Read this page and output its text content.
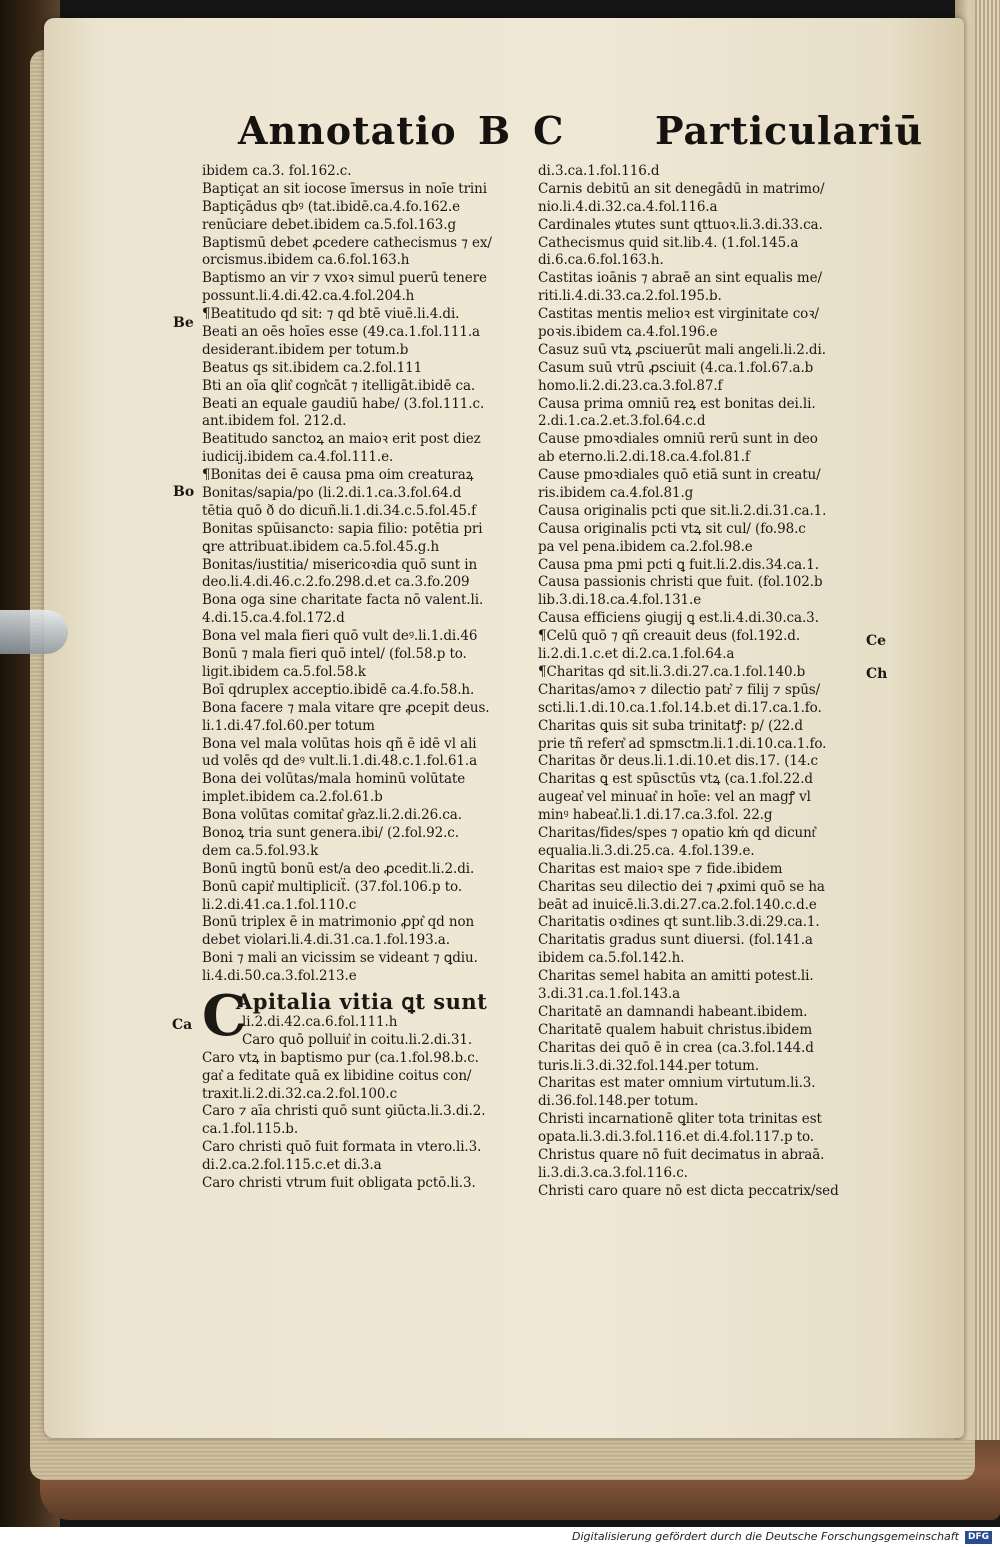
Annotatio B C Particulariū
Be
Bo
Ca
Ce
Ch
ibidem ca.3. fol.162.c.
Baptiçat an sit iocose īmersus in noīe trini
Baptiçādus qbꝰ (tat.ibidē.ca.4.fo.162.e
renūciare debet.ibidem ca.5.fol.163.g
Baptismū debet ꝓcedere cathecismus ⁊ ex/
orcismus.ibidem ca.6.fol.163.h
Baptismo an vir ⁊ vxoꝛ simul puerū tenere
possunt.li.4.di.42.ca.4.fol.204.h
¶Beatitudo qd sit: ⁊ qd btē viuē.li.4.di.
Beati an oēs hoīes esse (49.ca.1.fol.111.a
desiderant.ibidem per totum.b
Beatus qs sit.ibidem ca.2.fol.111
Bti an oīa ꝗlit͛ cogn͛cāt ⁊ itelligāt.ibidē ca.
Beati an equale gaudiū habe/ (3.fol.111.c.
ant.ibidem fol. 212.d.
Beatitudo sanctoꝝ an maioꝛ erit post diez
iudicij.ibidem ca.4.fol.111.e.
¶Bonitas dei ē causa pma oim creaturaꝝ
Bonitas/sapia/po (li.2.di.1.ca.3.fol.64.d
tētia quō ð do dicuñ.li.1.di.34.c.5.fol.45.f
Bonitas spūisancto: sapia filio: potētia pri
ꝗre attribuat.ibidem ca.5.fol.45.g.h
Bonitas/iustitia/ misericoꝛdia quō sunt in
deo.li.4.di.46.c.2.fo.298.d.et ca.3.fo.209
Bona oga sine charitate facta nō valent.li.
4.di.15.ca.4.fol.172.d
Bona vel mala fieri quō vult deꝰ.li.1.di.46
Bonū ⁊ mala fieri quō intel/ (fol.58.p to.
ligit.ibidem ca.5.fol.58.k
Boī qdruplex acceptio.ibidē ca.4.fo.58.h.
Bona facere ⁊ mala vitare qre ꝓcepit deus.
li.1.di.47.fol.60.per totum
Bona vel mala volūtas hois qñ ē idē vl ali
ud volēs qd deꝰ vult.li.1.di.48.c.1.fol.61.a
Bona dei volūtas/mala hominū volūtate
implet.ibidem ca.2.fol.61.b
Bona volūtas comitat͛ gr͛az.li.2.di.26.ca.
Bonoꝝ tria sunt genera.ibi/ (2.fol.92.c.
dem ca.5.fol.93.k
Bonū ingtū bonū est/a deo ꝓcedit.li.2.di.
Bonū capit͛ multipliciẗ. (37.fol.106.p to.
li.2.di.41.ca.1.fol.110.c
Bonū triplex ē in matrimonio ꝓpt͛ qd non
debet violari.li.4.di.31.ca.1.fol.193.a.
Boni ⁊ mali an vicissim se videant ⁊ ꝗdiu.
li.4.di.50.ca.3.fol.213.e
C
Apitalia vitia ꝗt sunt
li.2.di.42.ca.6.fol.111.h
Caro quō polluit͛ in coitu.li.2.di.31.
Caro vtꝝ in baptismo pur (ca.1.fol.98.b.c.
gat͛ a feditate quā ex libidine coitus con/
traxit.li.2.di.32.ca.2.fol.100.c
Caro ⁊ aīa christi quō sunt ꝯiūcta.li.3.di.2.
ca.1.fol.115.b.
Caro christi quō fuit formata in vtero.li.3.
di.2.ca.2.fol.115.c.et di.3.a
Caro christi vtrum fuit obligata pctō.li.3.
di.3.ca.1.fol.116.d
Carnis debitū an sit denegādū in matrimo/
nio.li.4.di.32.ca.4.fol.116.a
Cardinales ꝟtutes sunt qttuoꝛ.li.3.di.33.ca.
Cathecismus quid sit.lib.4. (1.fol.145.a
di.6.ca.6.fol.163.h.
Castitas ioānis ⁊ abraē an sint equalis me/
riti.li.4.di.33.ca.2.fol.195.b.
Castitas mentis melioꝛ est virginitate coꝛ/
poꝛis.ibidem ca.4.fol.196.e
Casuz suū vtꝝ ꝓsciuerūt mali angeli.li.2.di.
Casum suū vtrū ꝓsciuit (4.ca.1.fol.67.a.b
homo.li.2.di.23.ca.3.fol.87.f
Causa prima omniū reꝝ est bonitas dei.li.
2.di.1.ca.2.et.3.fol.64.c.d
Cause pmoꝛdiales omniū rerū sunt in deo
ab eterno.li.2.di.18.ca.4.fol.81.f
Cause pmoꝛdiales quō etiā sunt in creatu/
ris.ibidem ca.4.fol.81.g
Causa originalis pcti que sit.li.2.di.31.ca.1.
Causa originalis pcti vtꝝ sit cul/ (fo.98.c
pa vel pena.ibidem ca.2.fol.98.e
Causa pma pmi pcti ꝗ fuit.li.2.dis.34.ca.1.
Causa passionis christi que fuit. (fol.102.b
lib.3.di.18.ca.4.fol.131.e
Causa efficiens ꝯiugij ꝗ est.li.4.di.30.ca.3.
¶Celū quō ⁊ qñ creauit deus (fol.192.d.
li.2.di.1.c.et di.2.ca.1.fol.64.a
¶Charitas qd sit.li.3.di.27.ca.1.fol.140.b
Charitas/amoꝛ ⁊ dilectio patr͛ ⁊ filij ⁊ spūs/
scti.li.1.di.10.ca.1.fol.14.b.et di.17.ca.1.fo.
Charitas ꝗuis sit suba trinitatꝭ: p/ (22.d
prie tñ refert͛ ad spmsctm.li.1.di.10.ca.1.fo.
Charitas ðr deus.li.1.di.10.et dis.17. (14.c
Charitas ꝗ est spūsctūs vtꝝ (ca.1.fol.22.d
augeat͛ vel minuat͛ in hoīe: vel an magꝭ vl
minꝰ habeat͛.li.1.di.17.ca.3.fol. 22.g
Charitas/fides/spes ⁊ opatio kṁ qd dicunt͛
equalia.li.3.di.25.ca. 4.fol.139.e.
Charitas est maioꝛ spe ⁊ fide.ibidem
Charitas seu dilectio dei ⁊ ꝓximi quō se ha
beāt ad inuicē.li.3.di.27.ca.2.fol.140.c.d.e
Charitatis oꝛdines qt sunt.lib.3.di.29.ca.1.
Charitatis gradus sunt diuersi. (fol.141.a
ibidem ca.5.fol.142.h.
Charitas semel habita an amitti potest.li.
3.di.31.ca.1.fol.143.a
Charitatē an damnandi habeant.ibidem.
Charitatē qualem habuit christus.ibidem
Charitas dei quō ē in crea (ca.3.fol.144.d
turis.li.3.di.32.fol.144.per totum.
Charitas est mater omnium virtutum.li.3.
di.36.fol.148.per totum.
Christi incarnationē ꝗliter tota trinitas est
opata.li.3.di.3.fol.116.et di.4.fol.117.p to.
Christus quare nō fuit decimatus in abraā.
li.3.di.3.ca.3.fol.116.c.
Christi caro quare nō est dicta peccatrix/sed
Digitalisierung gefördert durch die Deutsche Forschungsgemeinschaft DFG
